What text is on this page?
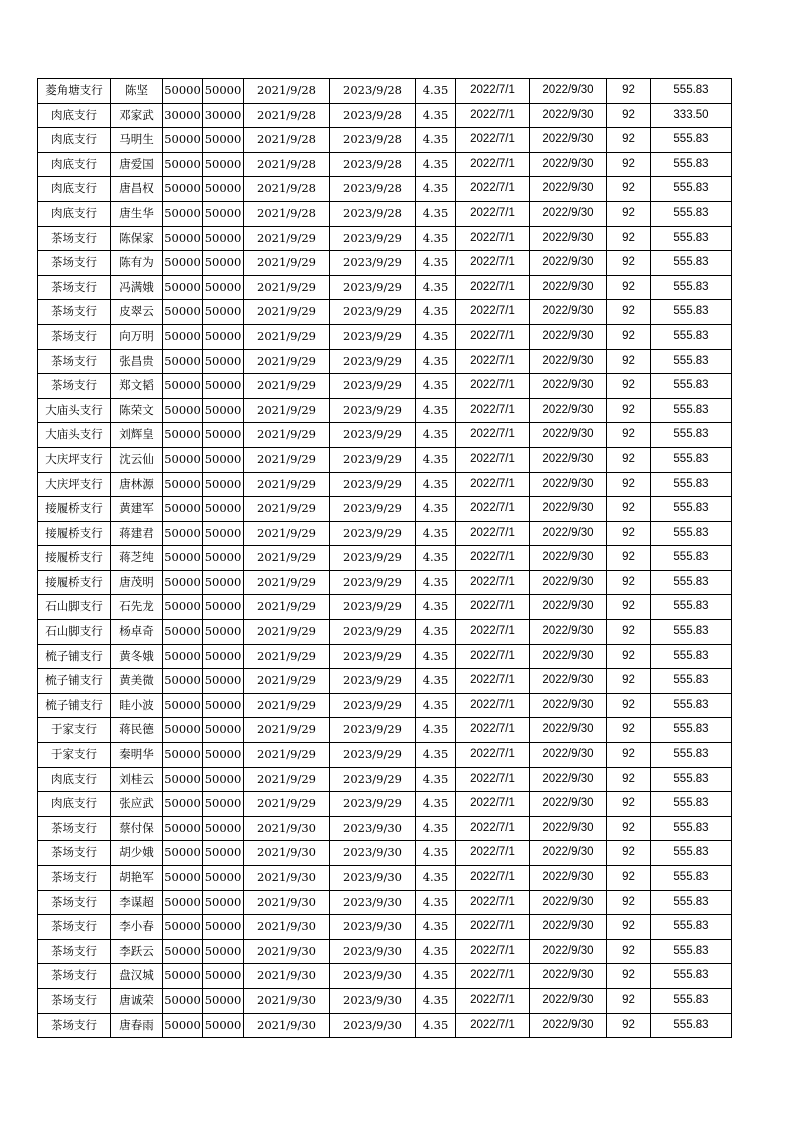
菱角塘支行	陈坚	50000	50000	2021/9/28	2023/9/28	4.35	2022/7/1	2022/9/30	92	555.83
肉底支行	邓家武	30000	30000	2021/9/28	2023/9/28	4.35	2022/7/1	2022/9/30	92	333.50
肉底支行	马明生	50000	50000	2021/9/28	2023/9/28	4.35	2022/7/1	2022/9/30	92	555.83
肉底支行	唐爱国	50000	50000	2021/9/28	2023/9/28	4.35	2022/7/1	2022/9/30	92	555.83
肉底支行	唐昌权	50000	50000	2021/9/28	2023/9/28	4.35	2022/7/1	2022/9/30	92	555.83
肉底支行	唐生华	50000	50000	2021/9/28	2023/9/28	4.35	2022/7/1	2022/9/30	92	555.83
茶场支行	陈保家	50000	50000	2021/9/29	2023/9/29	4.35	2022/7/1	2022/9/30	92	555.83
茶场支行	陈有为	50000	50000	2021/9/29	2023/9/29	4.35	2022/7/1	2022/9/30	92	555.83
茶场支行	冯满娥	50000	50000	2021/9/29	2023/9/29	4.35	2022/7/1	2022/9/30	92	555.83
茶场支行	皮翠云	50000	50000	2021/9/29	2023/9/29	4.35	2022/7/1	2022/9/30	92	555.83
茶场支行	向万明	50000	50000	2021/9/29	2023/9/29	4.35	2022/7/1	2022/9/30	92	555.83
茶场支行	张昌贵	50000	50000	2021/9/29	2023/9/29	4.35	2022/7/1	2022/9/30	92	555.83
茶场支行	郑文韬	50000	50000	2021/9/29	2023/9/29	4.35	2022/7/1	2022/9/30	92	555.83
大庙头支行	陈荣文	50000	50000	2021/9/29	2023/9/29	4.35	2022/7/1	2022/9/30	92	555.83
大庙头支行	刘辉皇	50000	50000	2021/9/29	2023/9/29	4.35	2022/7/1	2022/9/30	92	555.83
大庆坪支行	沈云仙	50000	50000	2021/9/29	2023/9/29	4.35	2022/7/1	2022/9/30	92	555.83
大庆坪支行	唐林源	50000	50000	2021/9/29	2023/9/29	4.35	2022/7/1	2022/9/30	92	555.83
接履桥支行	黄建军	50000	50000	2021/9/29	2023/9/29	4.35	2022/7/1	2022/9/30	92	555.83
接履桥支行	蒋建君	50000	50000	2021/9/29	2023/9/29	4.35	2022/7/1	2022/9/30	92	555.83
接履桥支行	蒋芝纯	50000	50000	2021/9/29	2023/9/29	4.35	2022/7/1	2022/9/30	92	555.83
接履桥支行	唐茂明	50000	50000	2021/9/29	2023/9/29	4.35	2022/7/1	2022/9/30	92	555.83
石山脚支行	石先龙	50000	50000	2021/9/29	2023/9/29	4.35	2022/7/1	2022/9/30	92	555.83
石山脚支行	杨卓奇	50000	50000	2021/9/29	2023/9/29	4.35	2022/7/1	2022/9/30	92	555.83
梳子铺支行	黄冬娥	50000	50000	2021/9/29	2023/9/29	4.35	2022/7/1	2022/9/30	92	555.83
梳子铺支行	黄美微	50000	50000	2021/9/29	2023/9/29	4.35	2022/7/1	2022/9/30	92	555.83
梳子铺支行	眭小波	50000	50000	2021/9/29	2023/9/29	4.35	2022/7/1	2022/9/30	92	555.83
于家支行	蒋民德	50000	50000	2021/9/29	2023/9/29	4.35	2022/7/1	2022/9/30	92	555.83
于家支行	秦明华	50000	50000	2021/9/29	2023/9/29	4.35	2022/7/1	2022/9/30	92	555.83
肉底支行	刘桂云	50000	50000	2021/9/29	2023/9/29	4.35	2022/7/1	2022/9/30	92	555.83
肉底支行	张应武	50000	50000	2021/9/29	2023/9/29	4.35	2022/7/1	2022/9/30	92	555.83
茶场支行	蔡付保	50000	50000	2021/9/30	2023/9/30	4.35	2022/7/1	2022/9/30	92	555.83
茶场支行	胡少娥	50000	50000	2021/9/30	2023/9/30	4.35	2022/7/1	2022/9/30	92	555.83
茶场支行	胡艳军	50000	50000	2021/9/30	2023/9/30	4.35	2022/7/1	2022/9/30	92	555.83
茶场支行	李谋超	50000	50000	2021/9/30	2023/9/30	4.35	2022/7/1	2022/9/30	92	555.83
茶场支行	李小春	50000	50000	2021/9/30	2023/9/30	4.35	2022/7/1	2022/9/30	92	555.83
茶场支行	李跃云	50000	50000	2021/9/30	2023/9/30	4.35	2022/7/1	2022/9/30	92	555.83
茶场支行	盘汉城	50000	50000	2021/9/30	2023/9/30	4.35	2022/7/1	2022/9/30	92	555.83
茶场支行	唐诚荣	50000	50000	2021/9/30	2023/9/30	4.35	2022/7/1	2022/9/30	92	555.83
茶场支行	唐春雨	50000	50000	2021/9/30	2023/9/30	4.35	2022/7/1	2022/9/30	92	555.83
